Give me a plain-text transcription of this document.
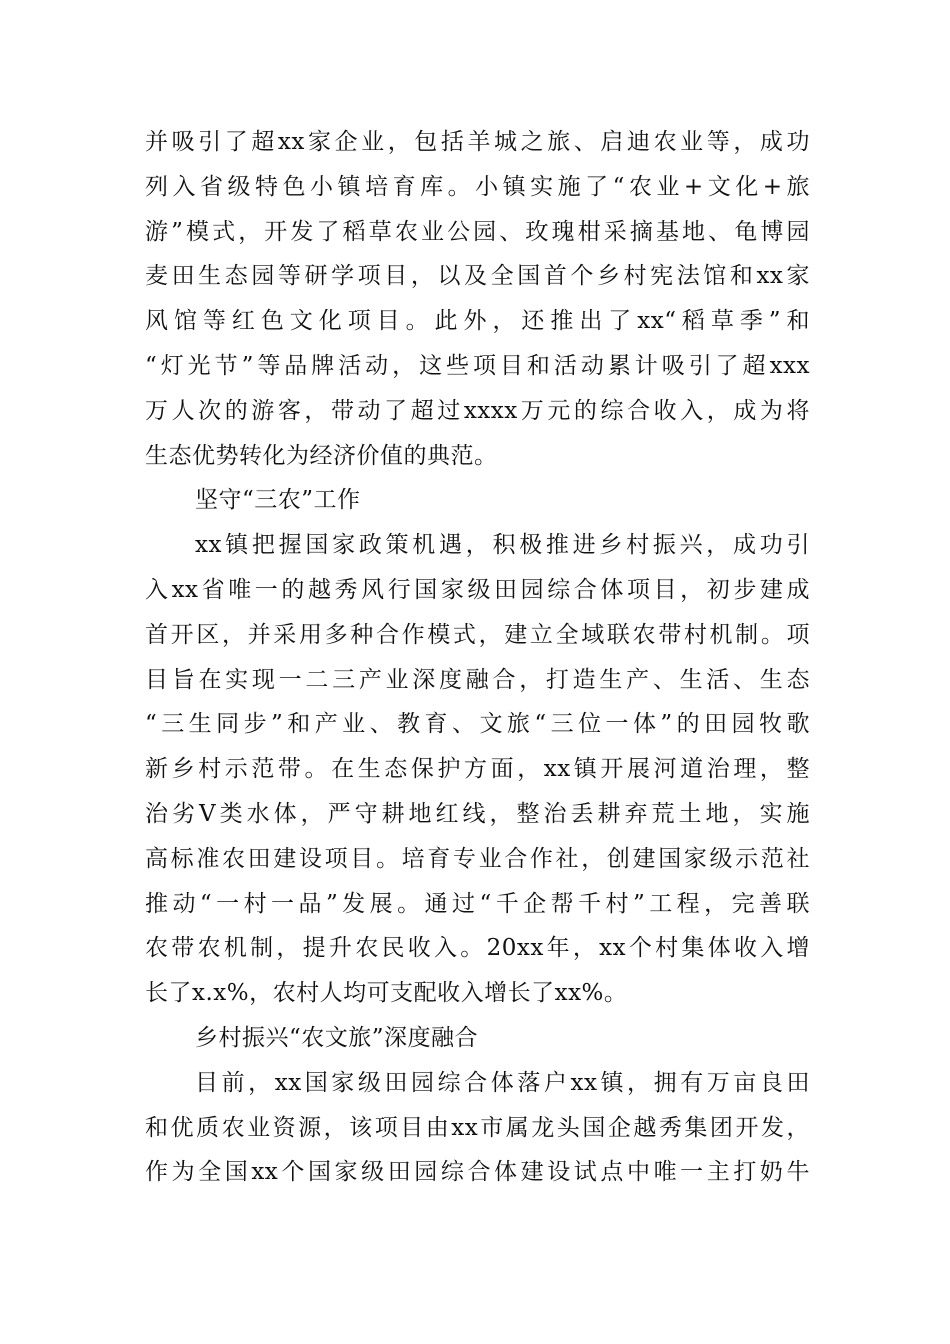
并吸引了超xx家企业，包括羊城之旅、启迪农业等，成功
列入省级特色小镇培育库。小镇实施了“农业+文化+旅
游”模式，开发了稻草农业公园、玫瑰柑采摘基地、龟博园
麦田生态园等研学项目，以及全国首个乡村宪法馆和xx家
风馆等红色文化项目。此外，还推出了xx“稻草季”和
“灯光节”等品牌活动，这些项目和活动累计吸引了超xxx
万人次的游客，带动了超过xxxx万元的综合收入，成为将
生态优势转化为经济价值的典范。
坚守“三农”工作
xx镇把握国家政策机遇，积极推进乡村振兴，成功引
入xx省唯一的越秀风行国家级田园综合体项目，初步建成
首开区，并采用多种合作模式，建立全域联农带村机制。项
目旨在实现一二三产业深度融合，打造生产、生活、生态
“三生同步”和产业、教育、文旅“三位一体”的田园牧歌
新乡村示范带。在生态保护方面，xx镇开展河道治理，整
治劣V类水体，严守耕地红线，整治丢耕弃荒土地，实施
高标准农田建设项目。培育专业合作社，创建国家级示范社
推动“一村一品”发展。通过“千企帮千村”工程，完善联
农带农机制，提升农民收入。20xx年，xx个村集体收入增
长了x.x%，农村人均可支配收入增长了xx%。
乡村振兴“农文旅”深度融合
目前，xx国家级田园综合体落户xx镇，拥有万亩良田
和优质农业资源，该项目由xx市属龙头国企越秀集团开发，
作为全国xx个国家级田园综合体建设试点中唯一主打奶牛
